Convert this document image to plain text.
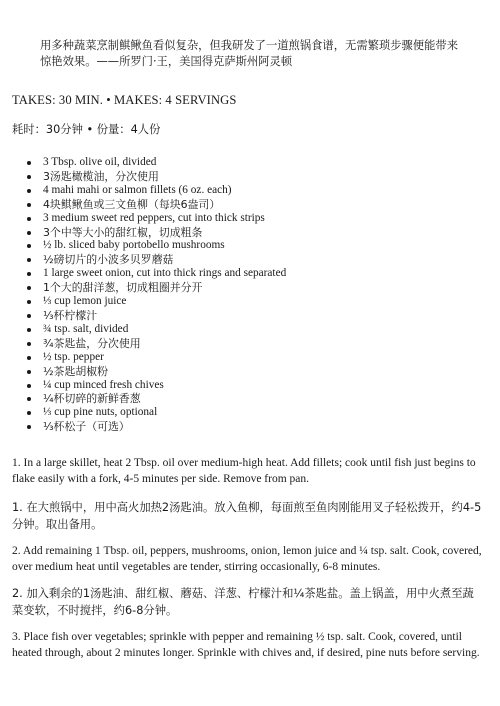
用多种蔬菜烹制鲯鳅鱼看似复杂，但我研发了一道煎锅食谱，无需繁琐步骤便能带来惊艳效果。——所罗门·王，美国得克萨斯州阿灵顿

TAKES: 30 MIN. • MAKES: 4 SERVINGS

耗时：30分钟 • 份量：4人份

3 Tbsp. olive oil, divided
3汤匙橄榄油，分次使用
4 mahi mahi or salmon fillets (6 oz. each)
4块鲯鳅鱼或三文鱼柳（每块6盎司）
3 medium sweet red peppers, cut into thick strips
3个中等大小的甜红椒，切成粗条
½ lb. sliced baby portobello mushrooms
½磅切片的小波多贝罗蘑菇
1 large sweet onion, cut into thick rings and separated
1个大的甜洋葱，切成粗圈并分开
⅓ cup lemon juice
⅓杯柠檬汁
¾ tsp. salt, divided
¾茶匙盐，分次使用
½ tsp. pepper
½茶匙胡椒粉
¼ cup minced fresh chives
¼杯切碎的新鲜香葱
⅓ cup pine nuts, optional
⅓杯松子（可选）

1. In a large skillet, heat 2 Tbsp. oil over medium-high heat. Add fillets; cook until fish just begins to flake easily with a fork, 4-5 minutes per side. Remove from pan.

1. 在大煎锅中，用中高火加热2汤匙油。放入鱼柳，每面煎至鱼肉刚能用叉子轻松拨开，约4-5分钟。取出备用。

2. Add remaining 1 Tbsp. oil, peppers, mushrooms, onion, lemon juice and ¼ tsp. salt. Cook, covered, over medium heat until vegetables are tender, stirring occasionally, 6-8 minutes.

2. 加入剩余的1汤匙油、甜红椒、蘑菇、洋葱、柠檬汁和¼茶匙盐。盖上锅盖，用中火煮至蔬菜变软，不时搅拌，约6-8分钟。

3. Place fish over vegetables; sprinkle with pepper and remaining ½ tsp. salt. Cook, covered, until heated through, about 2 minutes longer. Sprinkle with chives and, if desired, pine nuts before serving.
